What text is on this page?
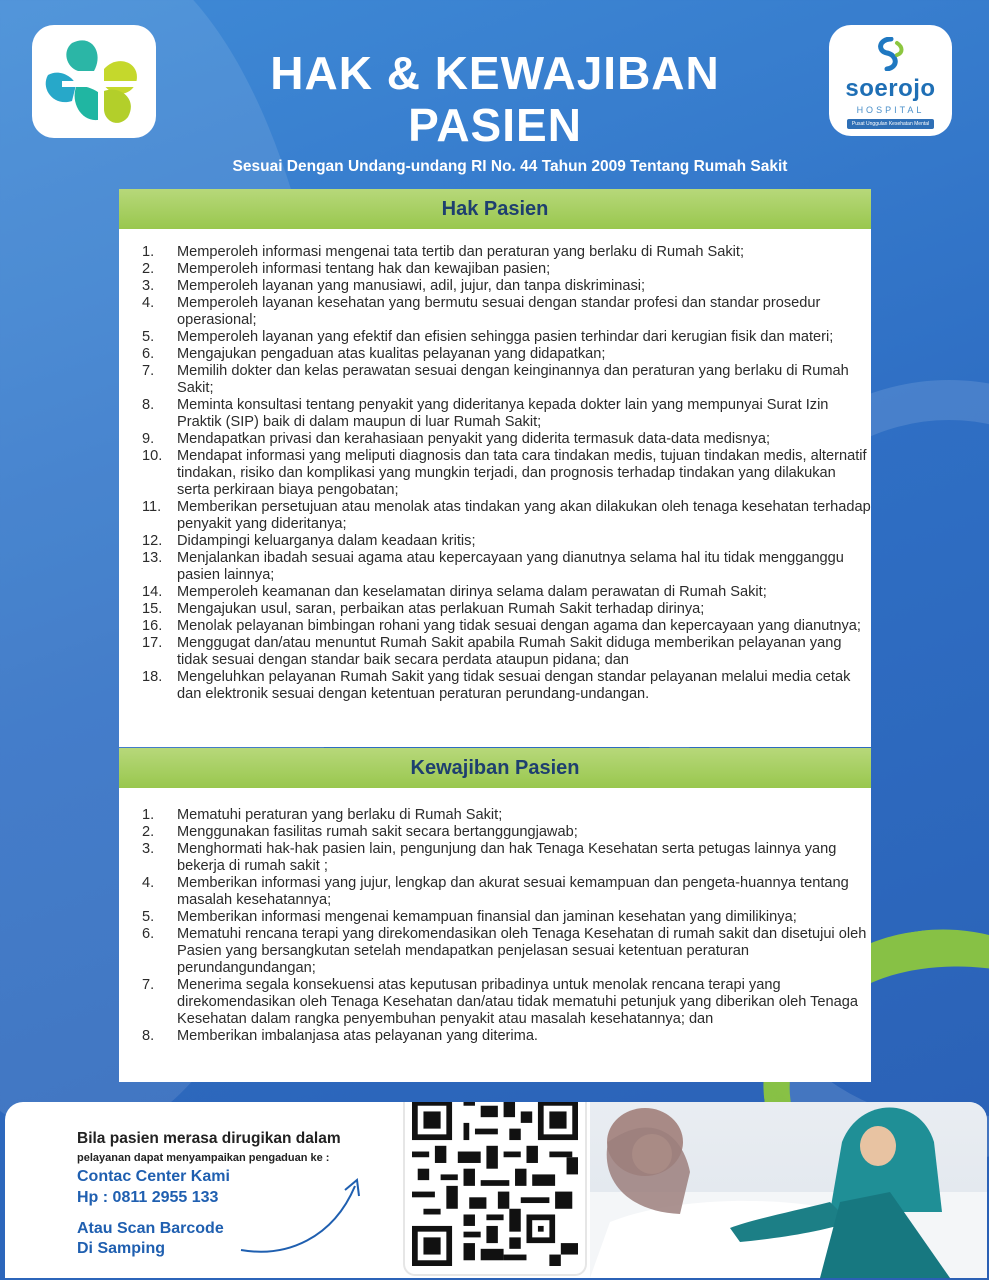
soerojo
HOSPITAL
Pusat Unggulan Kesehatan Mental Integratif
HAK & KEWAJIBAN
PASIEN

Sesuai Dengan Undang-undang RI No. 44 Tahun 2009 Tentang Rumah Sakit

Hak Pasien
1. Memperoleh informasi mengenai tata tertib dan peraturan yang berlaku di Rumah Sakit;
2. Memperoleh informasi tentang hak dan kewajiban pasien;
3. Memperoleh layanan yang manusiawi, adil, jujur, dan tanpa diskriminasi;
4. Memperoleh layanan kesehatan yang bermutu sesuai dengan standar profesi dan standar prosedur operasional;
5. Memperoleh layanan yang efektif dan efisien sehingga pasien terhindar dari kerugian fisik dan materi;
6. Mengajukan pengaduan atas kualitas pelayanan yang didapatkan;
7. Memilih dokter dan kelas perawatan sesuai dengan keinginannya dan peraturan yang berlaku di Rumah Sakit;
8. Meminta konsultasi tentang penyakit yang dideritanya kepada dokter lain yang mempunyai Surat Izin Praktik (SIP) baik di dalam maupun di luar Rumah Sakit;
9. Mendapatkan privasi dan kerahasiaan penyakit yang diderita termasuk data-data medisnya;
10. Mendapat informasi yang meliputi diagnosis dan tata cara tindakan medis, tujuan tindakan medis, alternatif tindakan, risiko dan komplikasi yang mungkin terjadi, dan prognosis terhadap tindakan yang dilakukan serta perkiraan biaya pengobatan;
11. Memberikan persetujuan atau menolak atas tindakan yang akan dilakukan oleh tenaga kesehatan terhadap penyakit yang dideritanya;
12. Didampingi keluarganya dalam keadaan kritis;
13. Menjalankan ibadah sesuai agama atau kepercayaan yang dianutnya selama hal itu tidak mengganggu pasien lainnya;
14. Memperoleh keamanan dan keselamatan dirinya selama dalam perawatan di Rumah Sakit;
15. Mengajukan usul, saran, perbaikan atas perlakuan Rumah Sakit terhadap dirinya;
16. Menolak pelayanan bimbingan rohani yang tidak sesuai dengan agama dan kepercayaan yang dianutnya;
17. Menggugat dan/atau menuntut Rumah Sakit apabila Rumah Sakit diduga memberikan pelayanan yang tidak sesuai dengan standar baik secara perdata ataupun pidana; dan
18. Mengeluhkan pelayanan Rumah Sakit yang tidak sesuai dengan standar pelayanan melalui media cetak dan elektronik sesuai dengan ketentuan peraturan perundang-undangan.
Kewajiban Pasien
1. Mematuhi peraturan yang berlaku di Rumah Sakit;
2. Menggunakan fasilitas rumah sakit secara bertanggungjawab;
3. Menghormati hak-hak pasien lain, pengunjung dan hak Tenaga Kesehatan serta petugas lainnya yang bekerja di rumah sakit ;
4. Memberikan informasi yang jujur, lengkap dan akurat sesuai kemampuan dan pengeta-huannya tentang masalah kesehatannya;
5. Memberikan informasi mengenai kemampuan finansial dan jaminan kesehatan yang dimilikinya;
6. Mematuhi rencana terapi yang direkomendasikan oleh Tenaga Kesehatan di rumah sakit dan disetujui oleh Pasien yang bersangkutan setelah mendapatkan penjelasan sesuai ketentuan peraturan perundangundangan;
7. Menerima segala konsekuensi atas keputusan pribadinya untuk menolak rencana terapi yang direkomendasikan oleh Tenaga Kesehatan dan/atau tidak mematuhi petunjuk yang diberikan oleh Tenaga Kesehatan dalam rangka penyembuhan penyakit atau masalah kesehatannya; dan
8. Memberikan imbalanjasa atas pelayanan yang diterima.
Bila pasien merasa dirugikan dalam
pelayanan dapat menyampaikan pengaduan ke :
Contac Center Kami
Hp : 0811 2955 133
Atau Scan Barcode
Di Samping
